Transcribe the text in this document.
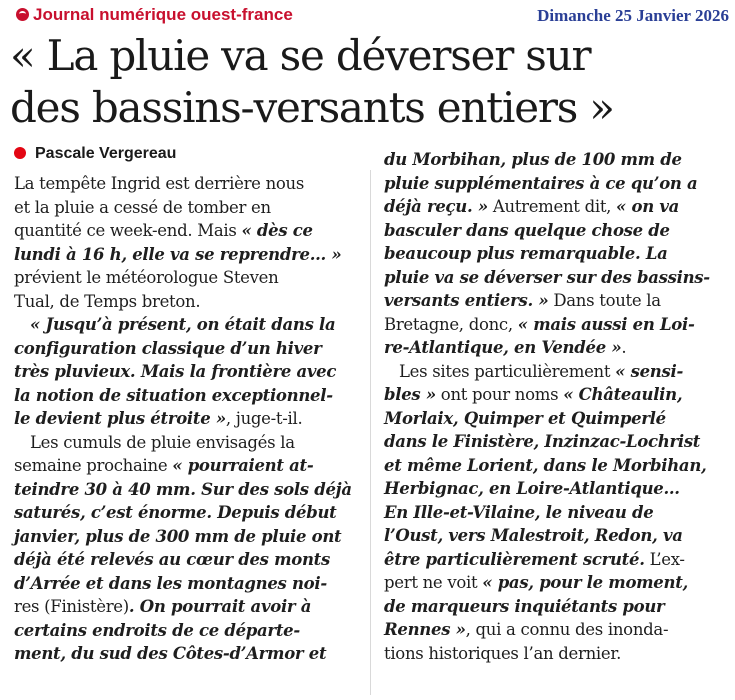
Journal numérique ouest-france	Dimanche 25 Janvier 2026
« La pluie va se déverser sur
des bassins-versants entiers »
Pascale Vergereau
La tempête Ingrid est derrière nous
et la pluie a cessé de tomber en
quantité ce week-end. Mais « dès ce
lundi à 16 h, elle va se reprendre… »
prévient le météorologue Steven
Tual, de Temps breton.
« Jusqu’à présent, on était dans la
configuration classique d’un hiver
très pluvieux. Mais la frontière avec
la notion de situation exceptionnel-
le devient plus étroite », juge-t-il.
Les cumuls de pluie envisagés la
semaine prochaine « pourraient at-
teindre 30 à 40 mm. Sur des sols déjà
saturés, c’est énorme. Depuis début
janvier, plus de 300 mm de pluie ont
déjà été relevés au cœur des monts
d’Arrée et dans les montagnes noi-
res (Finistère). On pourrait avoir à
certains endroits de ce départe-
ment, du sud des Côtes-d’Armor et
du Morbihan, plus de 100 mm de
pluie supplémentaires à ce qu’on a
déjà reçu. » Autrement dit, « on va
basculer dans quelque chose de
beaucoup plus remarquable. La
pluie va se déverser sur des bassins-
versants entiers. » Dans toute la
Bretagne, donc, « mais aussi en Loi-
re-Atlantique, en Vendée ».
Les sites particulièrement « sensi-
bles » ont pour noms « Châteaulin,
Morlaix, Quimper et Quimperlé
dans le Finistère, Inzinzac-Lochrist
et même Lorient, dans le Morbihan,
Herbignac, en Loire-Atlantique…
En Ille-et-Vilaine, le niveau de
l’Oust, vers Malestroit, Redon, va
être particulièrement scruté. L’ex-
pert ne voit « pas, pour le moment,
de marqueurs inquiétants pour
Rennes », qui a connu des inonda-
tions historiques l’an dernier.
